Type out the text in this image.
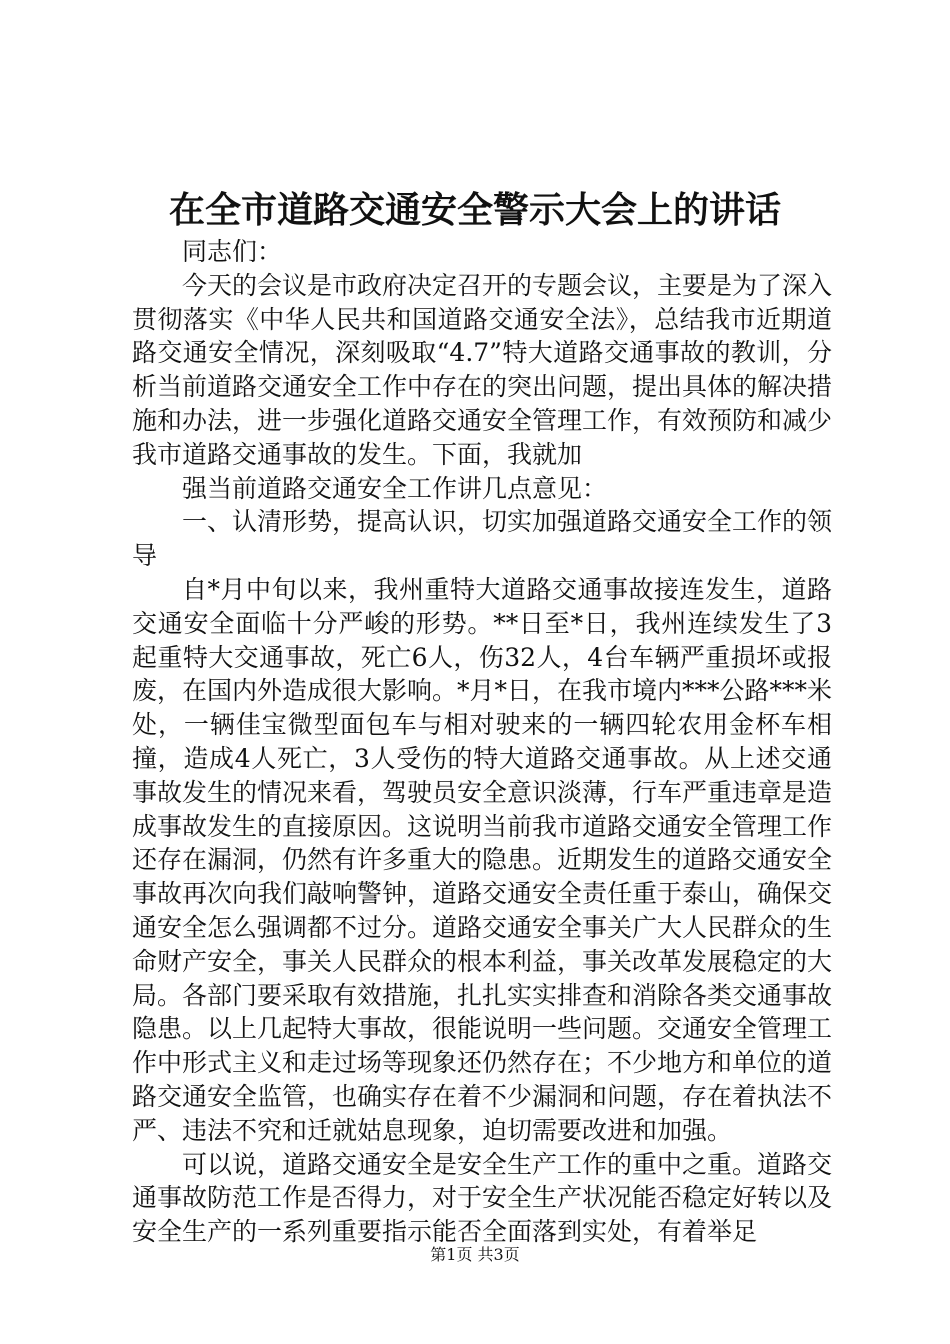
在全市道路交通安全警示大会上的讲话

同志们：

今天的会议是市政府决定召开的专题会议，主要是为了深入贯彻落实《中华人民共和国道路交通安全法》，总结我市近期道路交通安全情况，深刻吸取“4.7”特大道路交通事故的教训，分析当前道路交通安全工作中存在的突出问题，提出具体的解决措施和办法，进一步强化道路交通安全管理工作，有效预防和减少我市道路交通事故的发生。下面，我就加

强当前道路交通安全工作讲几点意见：

一、认清形势，提高认识，切实加强道路交通安全工作的领导

自*月中旬以来，我州重特大道路交通事故接连发生，道路交通安全面临十分严峻的形势。**日至*日，我州连续发生了3起重特大交通事故，死亡6人，伤32人，4台车辆严重损坏或报废，在国内外造成很大影响。*月*日，在我市境内***公路***米处，一辆佳宝微型面包车与相对驶来的一辆四轮农用金杯车相撞，造成4人死亡，3人受伤的特大道路交通事故。从上述交通事故发生的情况来看，驾驶员安全意识淡薄，行车严重违章是造成事故发生的直接原因。这说明当前我市道路交通安全管理工作还存在漏洞，仍然有许多重大的隐患。近期发生的道路交通安全事故再次向我们敲响警钟，道路交通安全责任重于泰山，确保交通安全怎么强调都不过分。道路交通安全事关广大人民群众的生命财产安全，事关人民群众的根本利益，事关改革发展稳定的大局。各部门要采取有效措施，扎扎实实排查和消除各类交通事故隐患。以上几起特大事故，很能说明一些问题。交通安全管理工作中形式主义和走过场等现象还仍然存在；不少地方和单位的道路交通安全监管，也确实存在着不少漏洞和问题，存在着执法不严、违法不究和迁就姑息现象，迫切需要改进和加强。

可以说，道路交通安全是安全生产工作的重中之重。道路交通事故防范工作是否得力，对于安全生产状况能否稳定好转以及安全生产的一系列重要指示能否全面落到实处，有着举足

第1页 共3页
